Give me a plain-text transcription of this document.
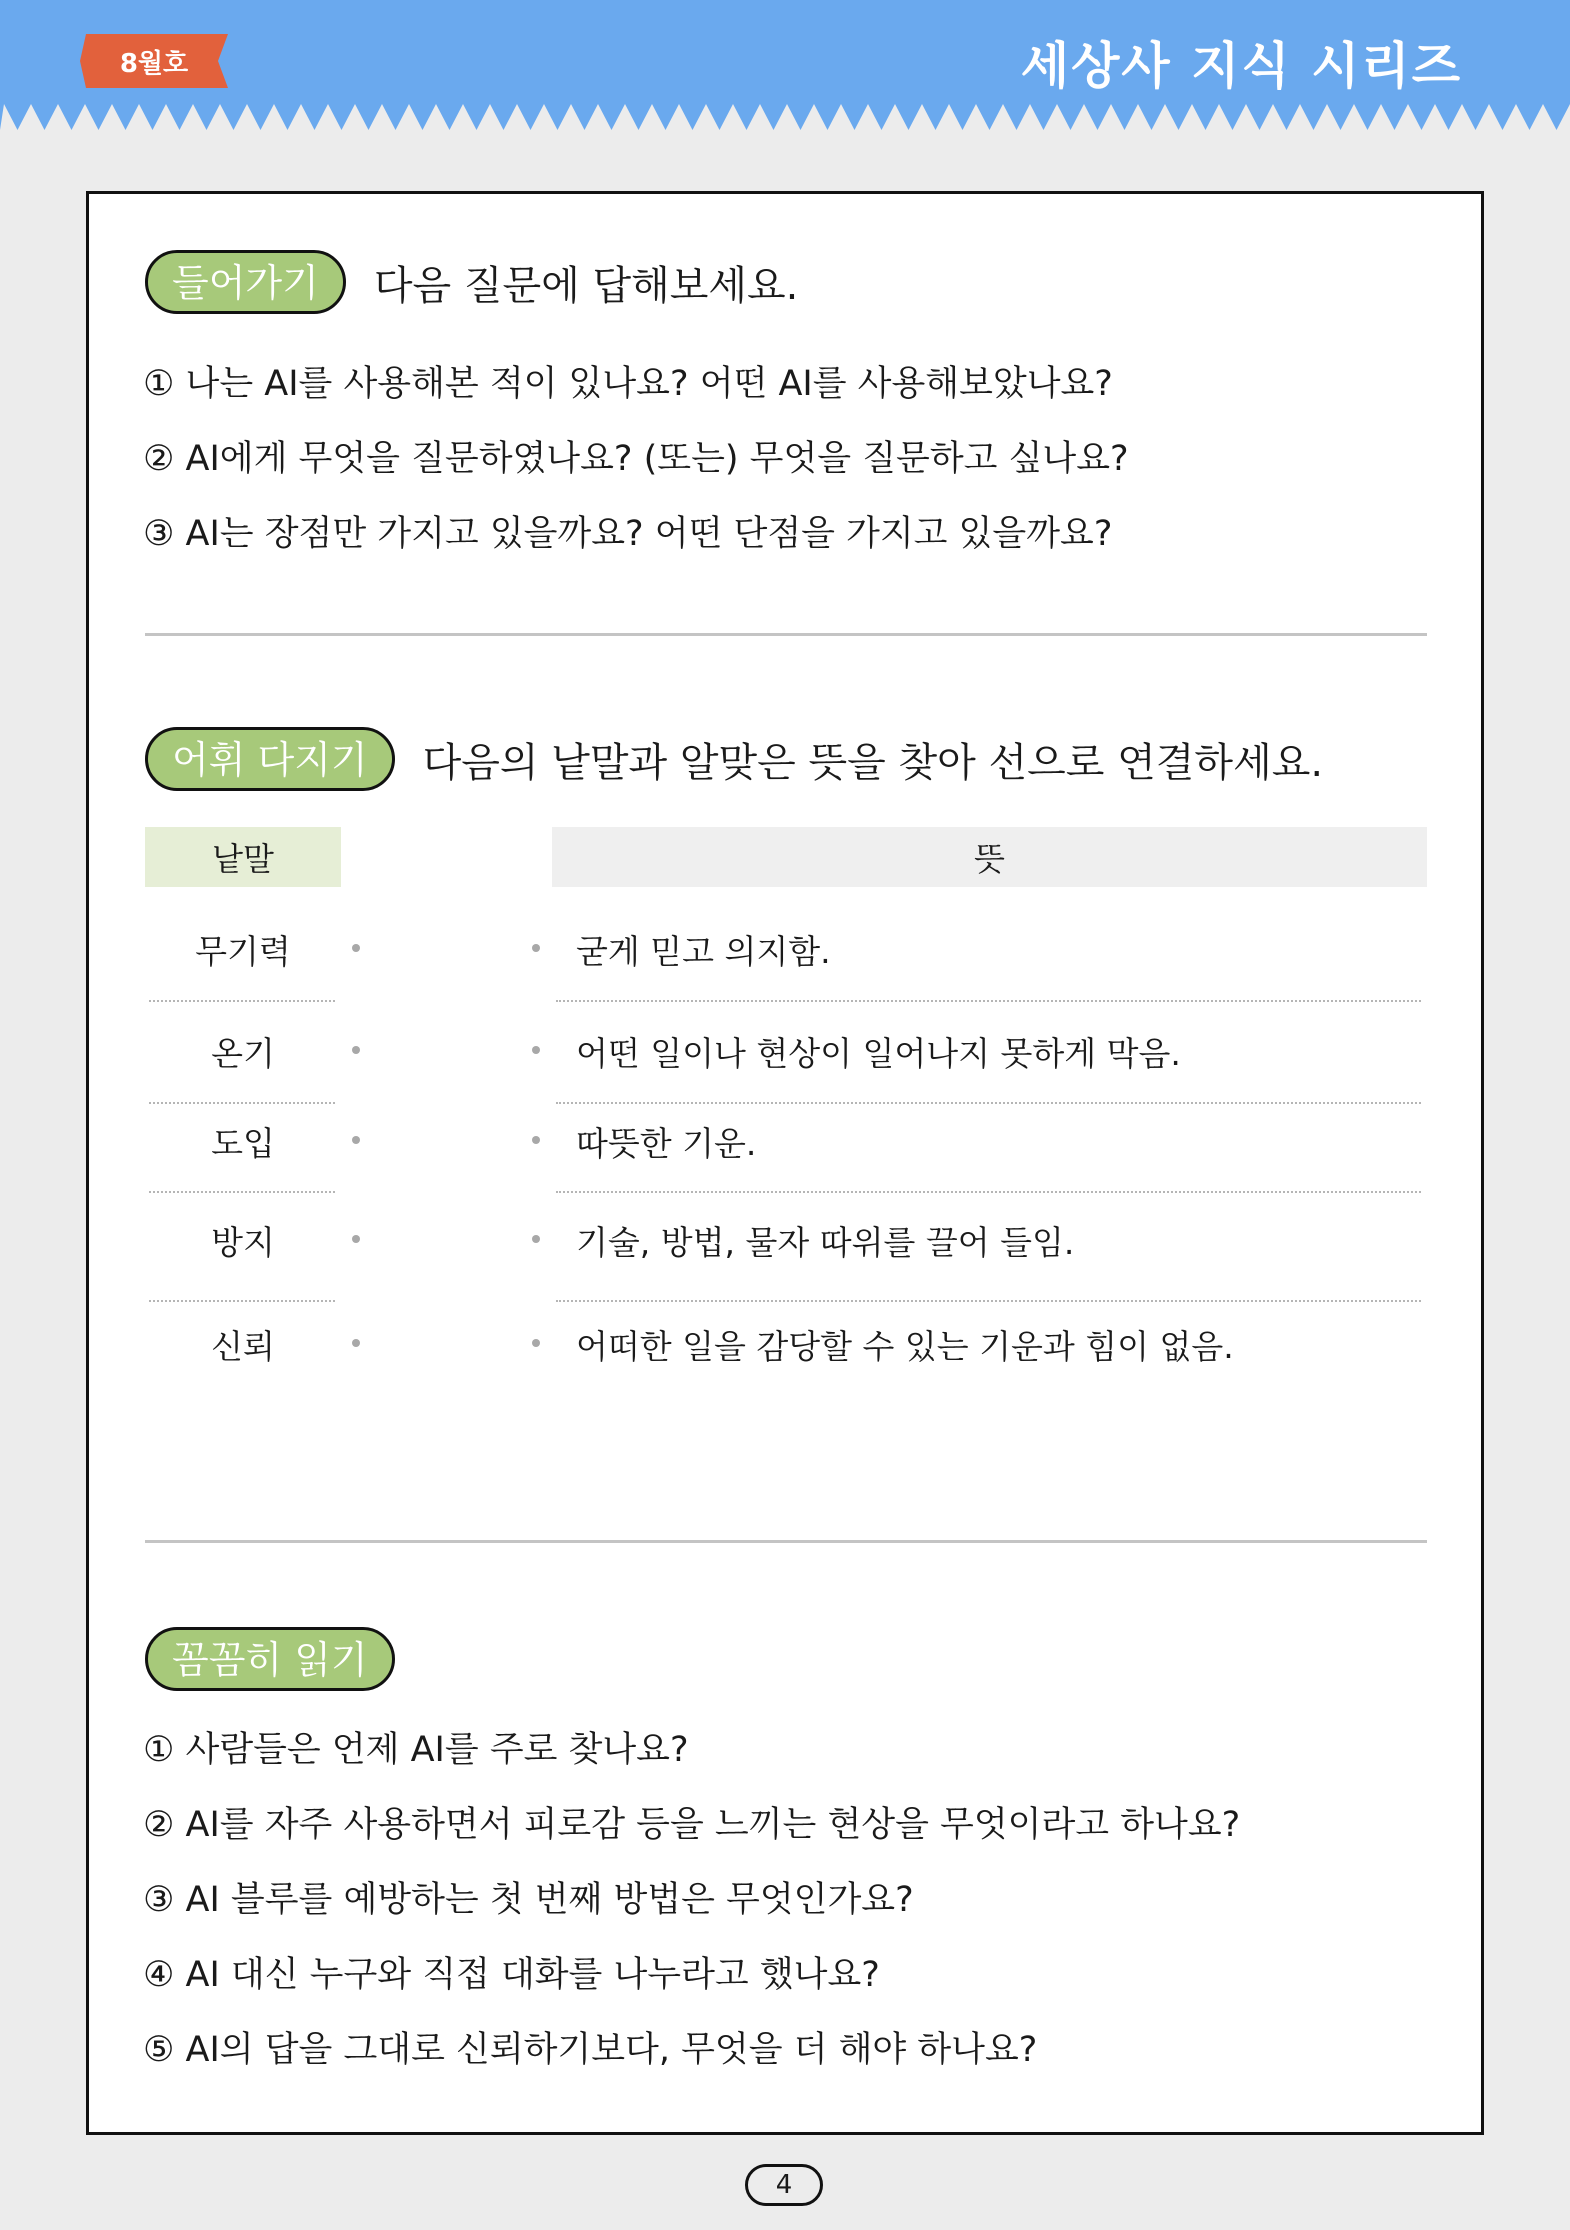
8월호	세상사 지식 시리즈
들어가기	다음 질문에 답해보세요.
① 나는 AI를 사용해본 적이 있나요? 어떤 AI를 사용해보았나요?
② AI에게 무엇을 질문하였나요? (또는) 무엇을 질문하고 싶나요?
③ AI는 장점만 가지고 있을까요? 어떤 단점을 가지고 있을까요?
어휘 다지기	다음의 낱말과 알맞은 뜻을 찾아 선으로 연결하세요.
낱말	뜻
무기력	굳게 믿고 의지함.
온기	어떤 일이나 현상이 일어나지 못하게 막음.
도입	따뜻한 기운.
방지	기술, 방법, 물자 따위를 끌어 들임.
신뢰	어떠한 일을 감당할 수 있는 기운과 힘이 없음.
꼼꼼히 읽기
① 사람들은 언제 AI를 주로 찾나요?
② AI를 자주 사용하면서 피로감 등을 느끼는 현상을 무엇이라고 하나요?
③ AI 블루를 예방하는 첫 번째 방법은 무엇인가요?
④ AI 대신 누구와 직접 대화를 나누라고 했나요?
⑤ AI의 답을 그대로 신뢰하기보다, 무엇을 더 해야 하나요?
4
